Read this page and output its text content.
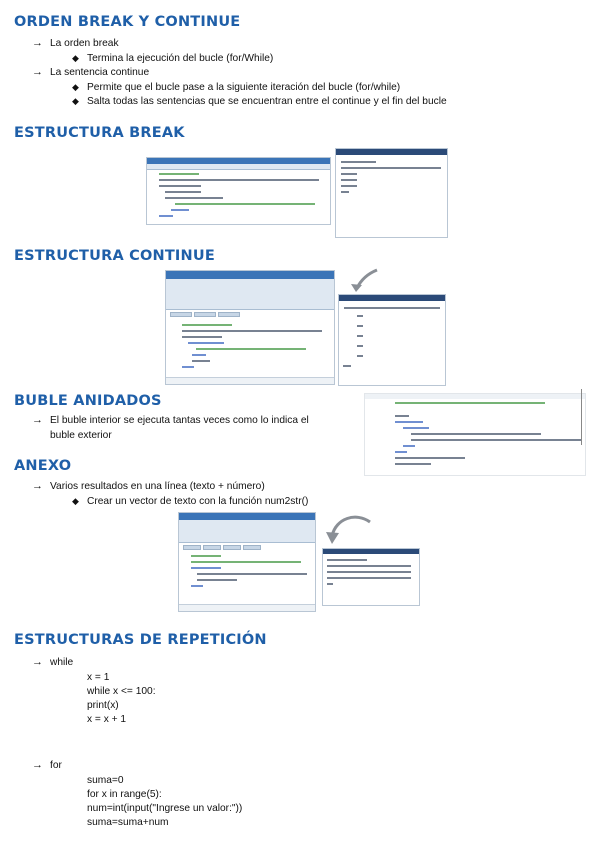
ORDEN BREAK Y CONTINUE
→ La orden break
◆ Termina la ejecución del bucle (for/While)
→ La sentencia continue
◆ Permite que el bucle pase a la siguiente iteración del bucle (for/while)
◆ Salta todas las sentencias que se encuentran entre el continue y el fin del bucle
ESTRUCTURA BREAK
ESTRUCTURA CONTINUE
BUBLE ANIDADOS
→ El buble interior se ejecuta tantas veces como lo indica el
buble exterior
ANEXO
→ Varios resultados en una línea (texto + número)
◆ Crear un vector de texto con la función num2str()
ESTRUCTURAS DE REPETICIÓN
→ while
x = 1
while x <= 100:
print(x)
x = x + 1
→ for
suma=0
for x in range(5):
num=int(input("Ingrese un valor:"))
suma=suma+num
